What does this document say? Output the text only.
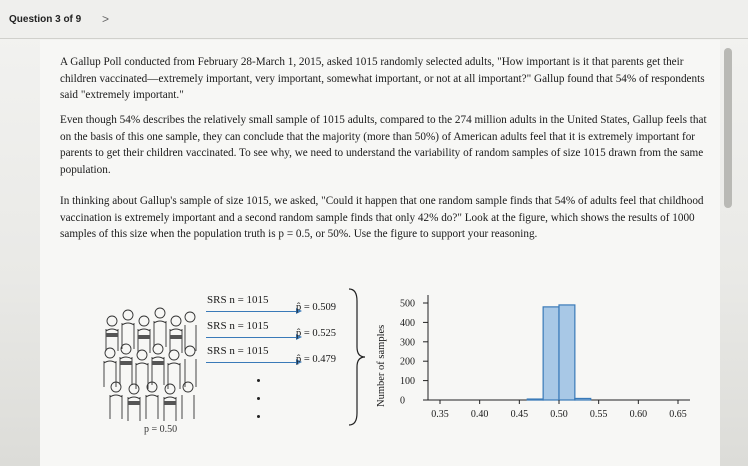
Question 3 of 9 >
A Gallup Poll conducted from February 28-March 1, 2015, asked 1015 randomly selected adults, "How important is it that parents get their children vaccinated—extremely important, very important, somewhat important, or not at all important?" Gallup found that 54% of respondents said "extremely important."
Even though 54% describes the relatively small sample of 1015 adults, compared to the 274 million adults in the United States, Gallup feels that on the basis of this one sample, they can conclude that the majority (more than 50%) of American adults feel that it is extremely important for parents to get their children vaccinated. To see why, we need to understand the variability of random samples of size 1015 drawn from the same population.
In thinking about Gallup's sample of size 1015, we asked, "Could it happen that one random sample finds that 54% of adults feel that childhood vaccination is extremely important and a second random sample finds that only 42% do?" Look at the figure, which shows the results of 1000 samples of this size when the population truth is p = 0.5, or 50%. Use the figure to support your reasoning.
SRS n = 1015
p̂ = 0.509
SRS n = 1015
p̂ = 0.525
SRS n = 1015
p̂ = 0.479	Number of samples
500
400
300
200
100
0
0.35 0.40 0.45 0.50 0.55 0.60 0.65
p = 0.50
